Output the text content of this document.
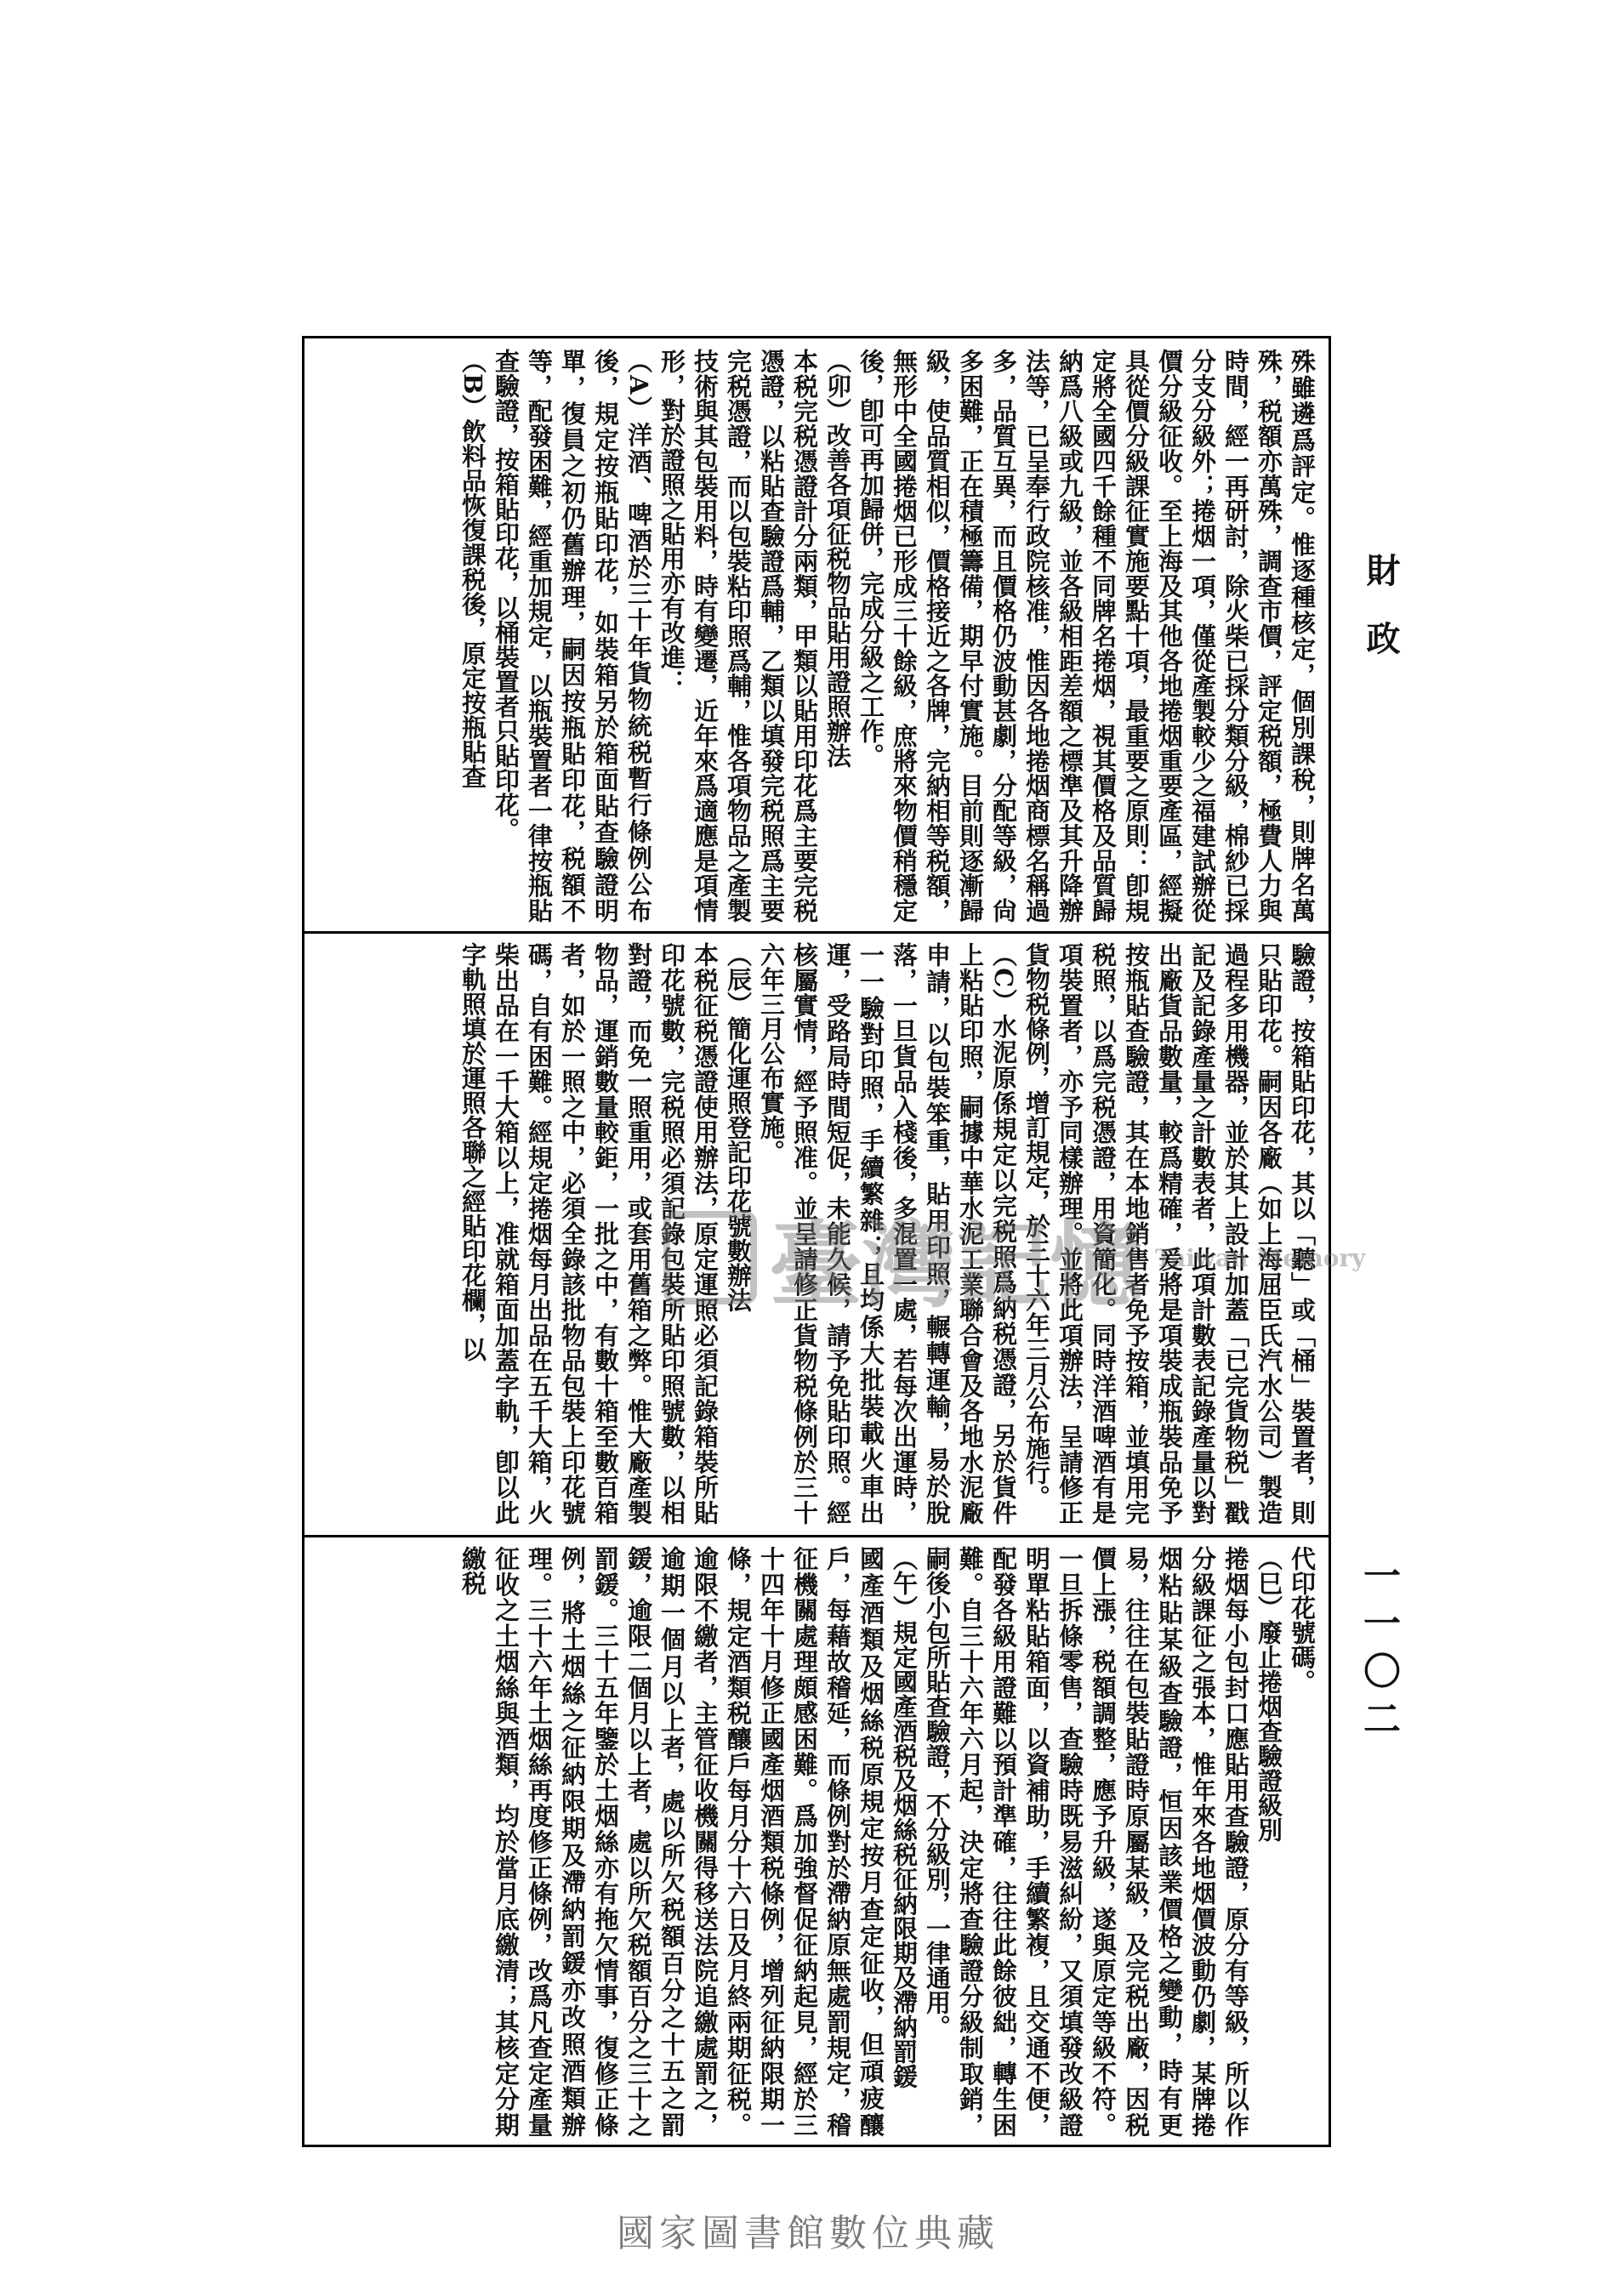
財政
一一〇二
殊雖遴爲評定。惟逐種核定，個別課稅，則牌名萬殊，税額亦萬殊，調查市價，評定税額，極費人力與時間，經一再研討，除火柴已採分類分級，棉紗已採分支分級外；捲烟一項，僅從產製較少之福建試辦從價分級征收。至上海及其他各地捲烟重要產區，經擬具從價分級課征實施要點十項，最重要之原則：卽規定將全國四千餘種不同牌名捲烟，視其價格及品質歸納爲八級或九級，並各級相距差額之標準及其升降辦法等，已呈奉行政院核准，惟因各地捲烟商標名稱過多，品質互異，而且價格仍波動甚劇，分配等級，尙多困難，正在積極籌備，期早付實施。目前則逐漸歸級，使品質相似，價格接近之各牌，完納相等税額，無形中全國捲烟已形成三十餘級，庶將來物價稍穩定後，卽可再加歸併，完成分級之工作。
（卯）改善各項征税物品貼用證照辦法
本税完税憑證計分兩類，甲類以貼用印花爲主要完税憑證，以粘貼查驗證爲輔，乙類以填發完税照爲主要完税憑證，而以包裝粘印照爲輔，惟各項物品之產製技術與其包裝用料，時有變遷，近年來爲適應是項情形，對於證照之貼用亦有改進：
（A）洋酒、啤酒於三十年貨物統税暫行條例公布後，規定按瓶貼印花，如裝箱另於箱面貼查驗證明單，復員之初仍舊辦理，嗣因按瓶貼印花，税額不等，配發困難，經重加規定，以瓶裝置者一律按瓶貼查驗證，按箱貼印花，以桶裝置者只貼印花。
（B）飲料品恢復課税後，原定按瓶貼查
驗證，按箱貼印花，其以「聽」或「桶」裝置者，則只貼印花。嗣因各廠（如上海屈臣氏汽水公司）製造過程多用機器，並於其上設計加蓋「已完貨物税」戳記及記錄產量之計數表者，此項計數表記錄產量以對出廠貨品數量，較爲精確，爰將是項裝成瓶裝品免予按瓶貼查驗證，其在本地銷售者免予按箱，並填用完税照，以爲完税憑證，用資簡化。同時洋酒啤酒有是項裝置者，亦予同樣辦理。並將此項辦法，呈請修正貨物税條例，增訂規定，於三十六年三月公布施行。
（C）水泥原係規定以完税照爲納税憑證，另於貨件上粘貼印照，嗣據中華水泥工業聯合會及各地水泥廠申請，以包裝笨重，貼用印照，輾轉運輸，易於脫落，一旦貨品入棧後，多混置一處，若每次出運時，一一驗對印照，手續繁雜；且均係大批裝載火車出運，受路局時間短促，未能久候，請予免貼印照。經核屬實情，經予照准。並呈請修正貨物税條例於三十六年三月公布實施。
（辰）簡化運照登記印花號數辦法
本税征税憑證使用辦法，原定運照必須記錄箱裝所貼印花號數，完税照必須記錄包裝所貼印照號數，以相對證，而免一照重用，或套用舊箱之弊。惟大廠產製物品，運銷數量較鉅，一批之中，有數十箱至數百箱者，如於一照之中，必須全錄該批物品包裝上印花號碼，自有困難。經規定捲烟每月出品在五千大箱，火柴出品在一千大箱以上，准就箱面加蓋字軌，卽以此字軌照填於運照各聯之經貼印花欄，以
代印花號碼。
（巳）廢止捲烟查驗證級別
捲烟每小包封口應貼用查驗證，原分有等級，所以作分級課征之張本，惟年來各地烟價波動仍劇，某牌捲烟粘貼某級查驗證，恒因該業價格之變動，時有更易，往往在包裝貼證時原屬某級，及完税出廠，因税價上漲，税額調整，應予升級，遂與原定等級不符。一旦拆條零售，查驗時既易滋糾紛，又須填發改級證明單粘貼箱面，以資補助，手續繁複，且交通不便，配發各級用證難以預計準確，往往此餘彼絀，轉生困難。自三十六年六月起，決定將查驗證分級制取銷，嗣後小包所貼查驗證，不分級別，一律通用。
（午）規定國產酒税及烟絲税征納限期及滯納罰鍰
國產酒類及烟絲税原規定按月查定征收，但頑疲釀戶，每藉故稽延，而條例對於滯納原無處罰規定，稽征機關處理頗感困難。爲加強督促征納起見，經於三十四年十月修正國產烟酒類税條例，增列征納限期一條，規定酒類税釀戶每月分十六日及月終兩期征税。逾限不繳者，主管征收機關得移送法院追繳處罰之，逾期一個月以上者，處以所欠税額百分之十五之罰鍰，逾限二個月以上者，處以所欠税額百分之三十之罰鍰。三十五年鑒於土烟絲亦有拖欠情事，復修正條例，將土烟絲之征納限期及滯納罰鍰亦改照酒類辦理。三十六年土烟絲再度修正條例，改爲凡查定產量征收之土烟絲與酒類，均於當月底繳清；其核定分期繳税
臺灣記憶 Taiwan Memory
國家圖書館數位典藏
